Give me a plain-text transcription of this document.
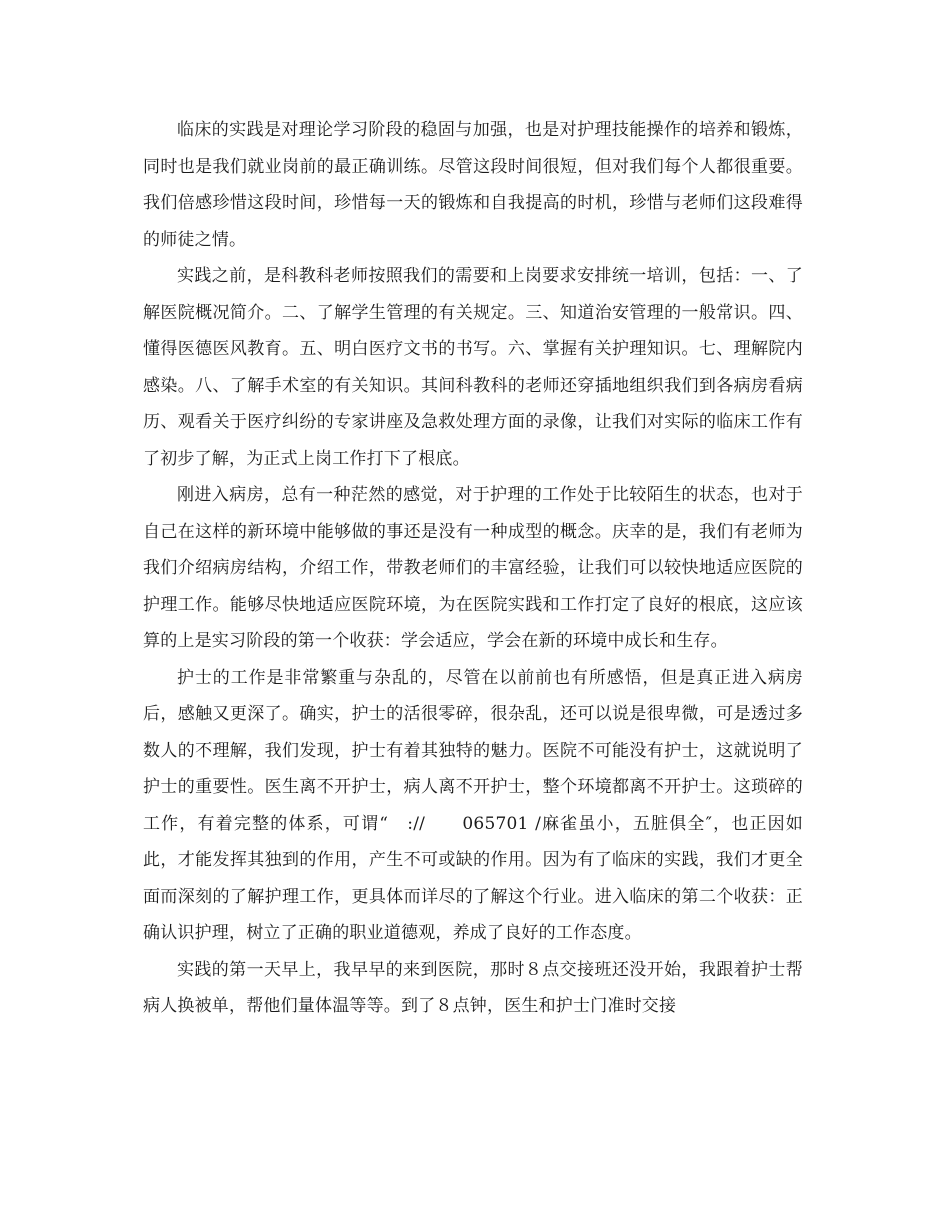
临床的实践是对理论学习阶段的稳固与加强，也是对护理技能操作的培养和锻炼，同时也是我们就业岗前的最正确训练。尽管这段时间很短，但对我们每个人都很重要。我们倍感珍惜这段时间，珍惜每一天的锻炼和自我提高的时机，珍惜与老师们这段难得的师徒之情。

实践之前，是科教科老师按照我们的需要和上岗要求安排统一培训，包括：一、了解医院概况简介。二、了解学生管理的有关规定。三、知道治安管理的一般常识。四、懂得医德医风教育。五、明白医疗文书的书写。六、掌握有关护理知识。七、理解院内感染。八、了解手术室的有关知识。其间科教科的老师还穿插地组织我们到各病房看病历、观看关于医疗纠纷的专家讲座及急救处理方面的录像，让我们对实际的临床工作有了初步了解，为正式上岗工作打下了根底。

刚进入病房，总有一种茫然的感觉，对于护理的工作处于比较陌生的状态，也对于自己在这样的新环境中能够做的事还是没有一种成型的概念。庆幸的是，我们有老师为我们介绍病房结构，介绍工作，带教老师们的丰富经验，让我们可以较快地适应医院的护理工作。能够尽快地适应医院环境，为在医院实践和工作打定了良好的根底，这应该算的上是实习阶段的第一个收获：学会适应，学会在新的环境中成长和生存。

护士的工作是非常繁重与杂乱的，尽管在以前前也有所感悟，但是真正进入病房后，感触又更深了。确实，护士的活很零碎，很杂乱，还可以说是很卑微，可是透过多数人的不理解，我们发现，护士有着其独特的魅力。医院不可能没有护士，这就说明了护士的重要性。医生离不开护士，病人离不开护士，整个环境都离不开护士。这琐碎的工作，有着完整的体系，可谓“　://　　065701 /麻雀虽小，五脏俱全″，也正因如此，才能发挥其独到的作用，产生不可或缺的作用。因为有了临床的实践，我们才更全面而深刻的了解护理工作，更具体而详尽的了解这个行业。进入临床的第二个收获：正确认识护理，树立了正确的职业道德观，养成了良好的工作态度。

实践的第一天早上，我早早的来到医院，那时８点交接班还没开始，我跟着护士帮病人换被单，帮他们量体温等等。到了８点钟，医生和护士门准时交接
